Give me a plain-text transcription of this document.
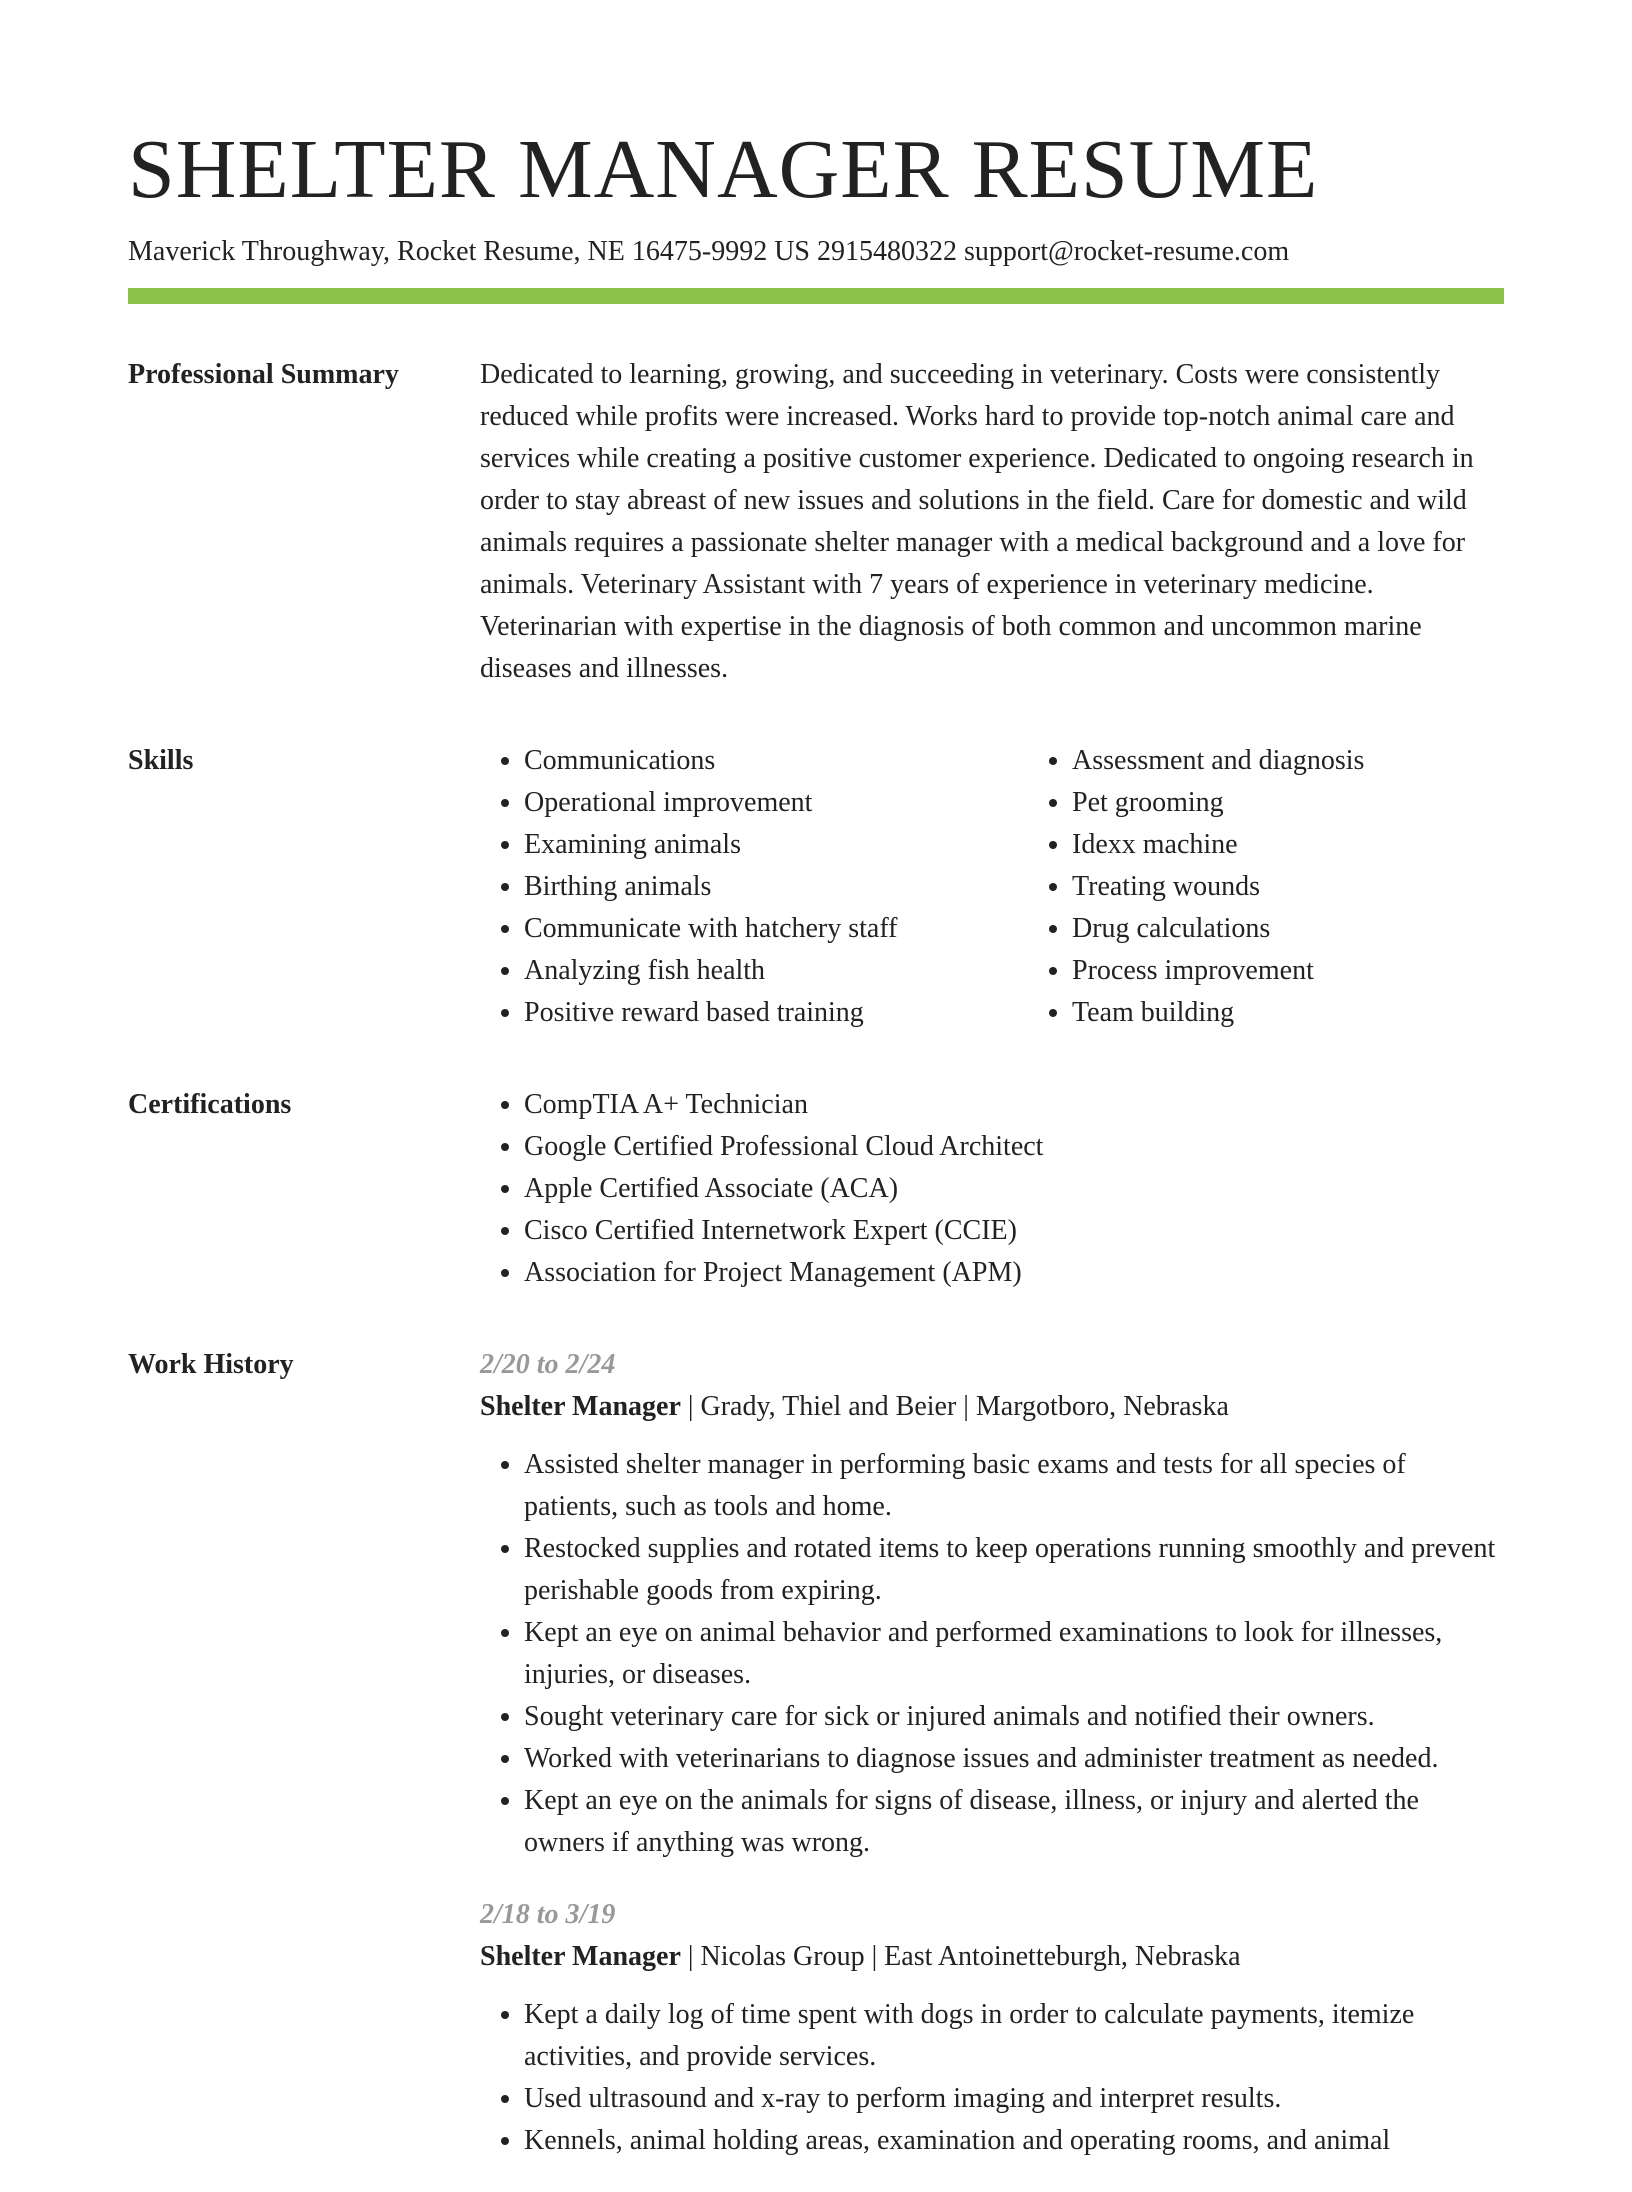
SHELTER MANAGER RESUME
Maverick Throughway, Rocket Resume, NE 16475-9992 US 2915480322 support@rocket-resume.com
Professional Summary	Dedicated to learning, growing, and succeeding in veterinary. Costs were consistently reduced while profits were increased. Works hard to provide top-notch animal care and services while creating a positive customer experience. Dedicated to ongoing research in order to stay abreast of new issues and solutions in the field. Care for domestic and wild animals requires a passionate shelter manager with a medical background and a love for animals. Veterinary Assistant with 7 years of experience in veterinary medicine. Veterinarian with expertise in the diagnosis of both common and uncommon marine diseases and illnesses.

Skills	• Communications
• Operational improvement
• Examining animals
• Birthing animals
• Communicate with hatchery staff
• Analyzing fish health
• Positive reward based training
• Assessment and diagnosis
• Pet grooming
• Idexx machine
• Treating wounds
• Drug calculations
• Process improvement
• Team building
Certifications	• CompTIA A+ Technician
• Google Certified Professional Cloud Architect
• Apple Certified Associate (ACA)
• Cisco Certified Internetwork Expert (CCIE)
• Association for Project Management (APM)
Work History	2/20 to 2/24
Shelter Manager | Grady, Thiel and Beier | Margotboro, Nebraska
• Assisted shelter manager in performing basic exams and tests for all species of patients, such as tools and home.
• Restocked supplies and rotated items to keep operations running smoothly and prevent perishable goods from expiring.
• Kept an eye on animal behavior and performed examinations to look for illnesses, injuries, or diseases.
• Sought veterinary care for sick or injured animals and notified their owners.
• Worked with veterinarians to diagnose issues and administer treatment as needed.
• Kept an eye on the animals for signs of disease, illness, or injury and alerted the owners if anything was wrong.
2/18 to 3/19
Shelter Manager | Nicolas Group | East Antoinetteburgh, Nebraska
• Kept a daily log of time spent with dogs in order to calculate payments, itemize activities, and provide services.
• Used ultrasound and x-ray to perform imaging and interpret results.
• Kennels, animal holding areas, examination and operating rooms, and animal
